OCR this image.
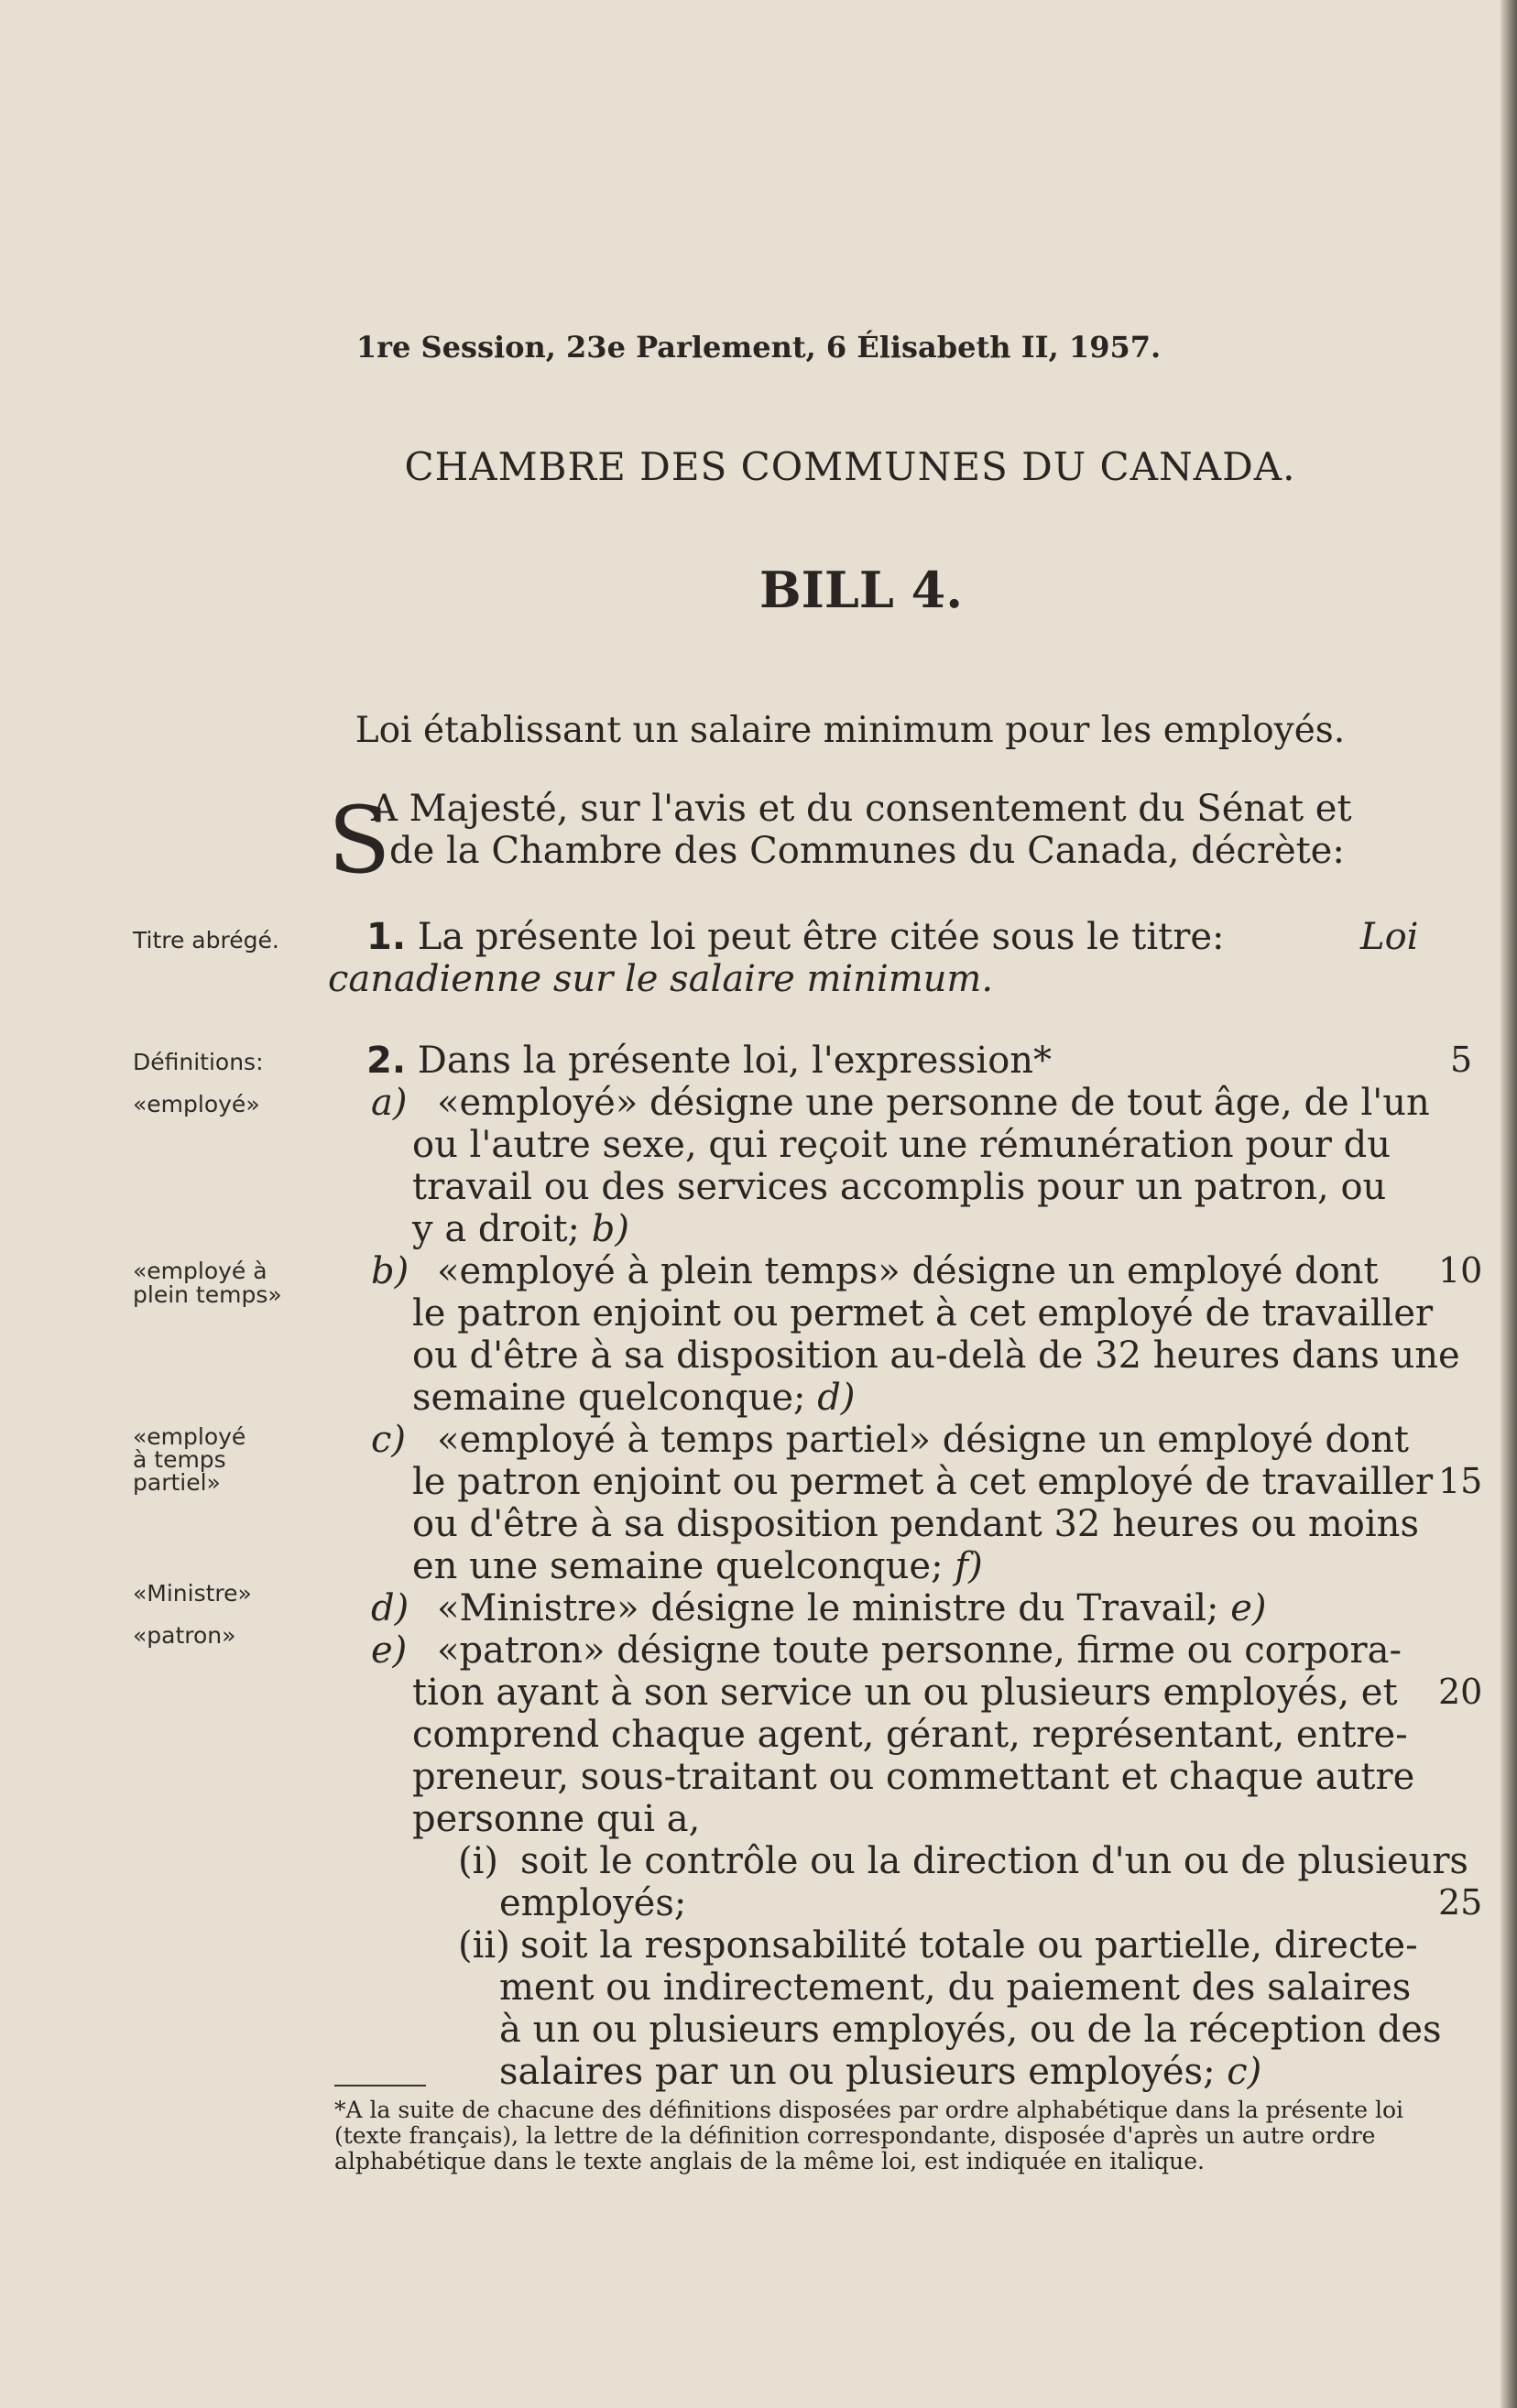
1re Session, 23e Parlement, 6 Élisabeth II, 1957.
CHAMBRE DES COMMUNES DU CANADA.
BILL 4.
Loi établissant un salaire minimum pour les employés.
S
A Majesté, sur l'avis et du consentement du Sénat et
de la Chambre des Communes du Canada, décrète:
Titre abrégé. 1. La présente loi peut être citée sous le titre:	Loi
canadienne sur le salaire minimum.
Définitions:	2. Dans la présente loi, l'expression*	5
«employé»	a) «employé» désigne une personne de tout âge, de l'un
ou l'autre sexe, qui reçoit une rémunération pour du
travail ou des services accomplis pour un patron, ou
y a droit; b)
«employé à
plein temps»
b) «employé à plein temps» désigne un employé dont 10
le patron enjoint ou permet à cet employé de travailler
ou d'être à sa disposition au-delà de 32 heures dans une
semaine quelconque; d)
«employé
à temps
partiel»
c) «employé à temps partiel» désigne un employé dont
le patron enjoint ou permet à cet employé de travailler 15
ou d'être à sa disposition pendant 32 heures ou moins
en une semaine quelconque; f)
«Ministre»	d) «Ministre» désigne le ministre du Travail; e)
«patron»	e) «patron» désigne toute personne, firme ou corpora-
tion ayant à son service un ou plusieurs employés, et 20
comprend chaque agent, gérant, représentant, entre-
preneur, sous-traitant ou commettant et chaque autre
personne qui a,
(i) soit le contrôle ou la direction d'un ou de plusieurs
employés;	25
(ii) soit la responsabilité totale ou partielle, directe-
ment ou indirectement, du paiement des salaires
à un ou plusieurs employés, ou de la réception des
salaires par un ou plusieurs employés; c)
*A la suite de chacune des définitions disposées par ordre alphabétique dans la présente loi (texte français), la lettre de la définition correspondante, disposée d'après un autre ordre alphabétique dans le texte anglais de la même loi, est indiquée en italique.
